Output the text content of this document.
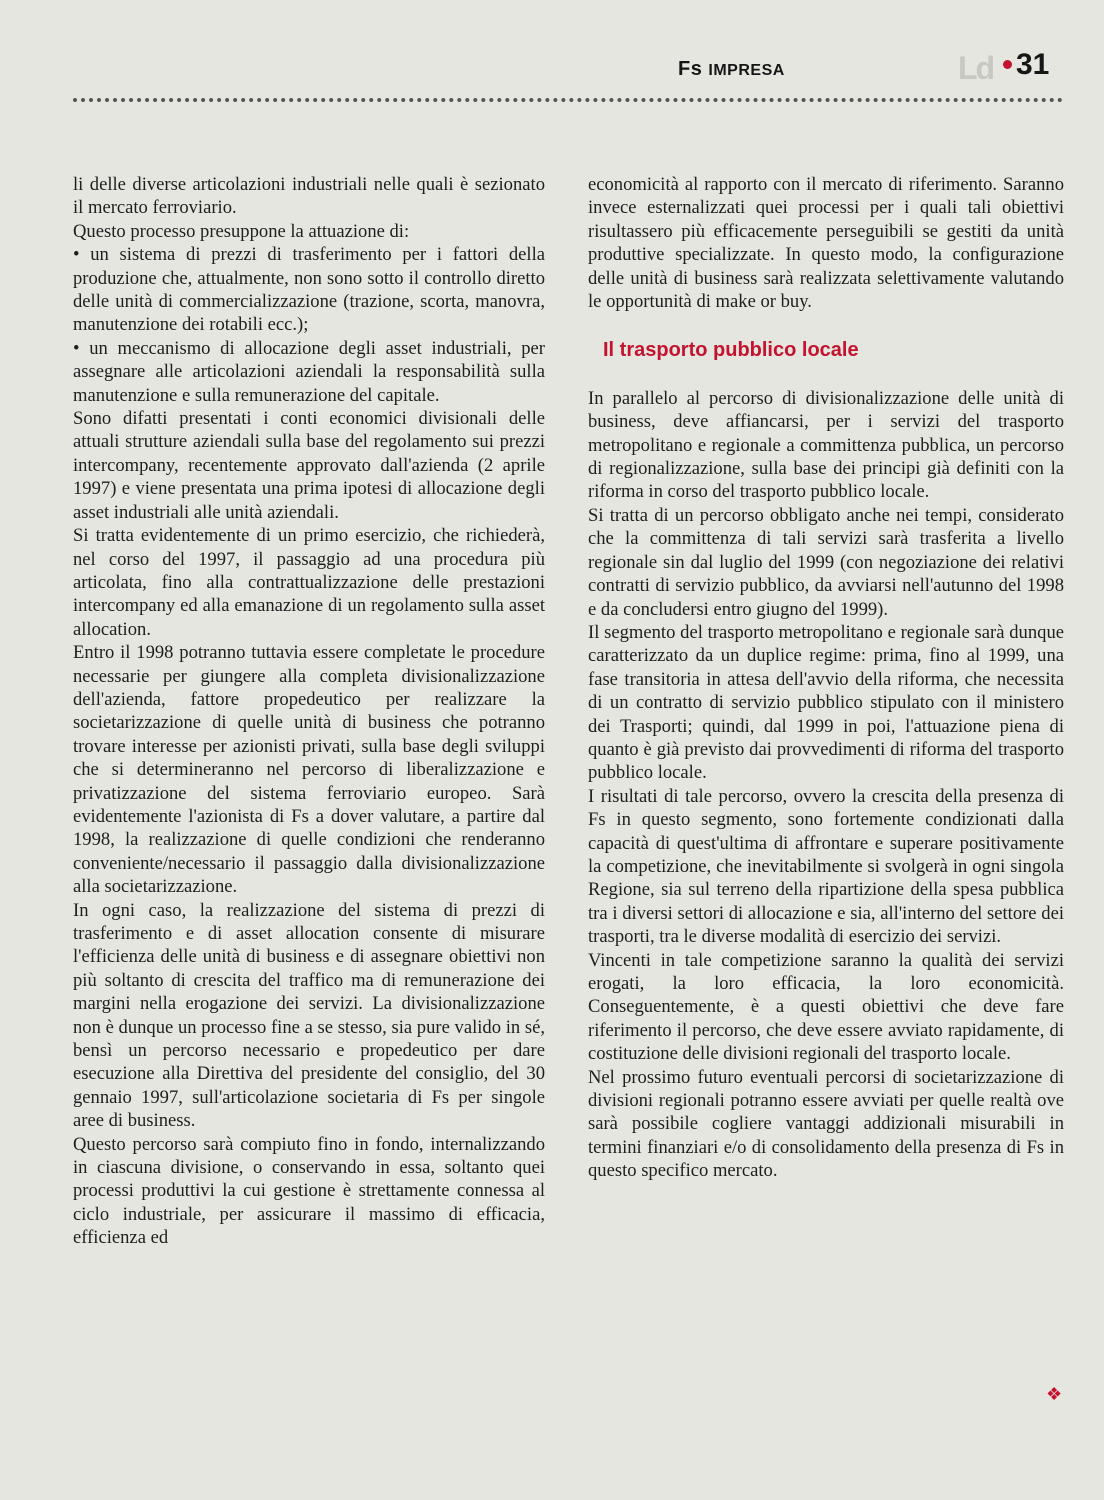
Fs IMPRESA	Ld 31

li delle diverse articolazioni industriali nelle quali è sezionato il mercato ferroviario.

Questo processo presuppone la attuazione di:

• un sistema di prezzi di trasferimento per i fattori della produzione che, attualmente, non sono sotto il controllo diretto delle unità di commercializzazione (trazione, scorta, manovra, manutenzione dei rotabili ecc.);

• un meccanismo di allocazione degli asset industriali, per assegnare alle articolazioni aziendali la responsabilità sulla manutenzione e sulla remunerazione del capitale.

Sono difatti presentati i conti economici divisionali delle attuali strutture aziendali sulla base del regolamento sui prezzi intercompany, recentemente approvato dall'azienda (2 aprile 1997) e viene presentata una prima ipotesi di allocazione degli asset industriali alle unità aziendali.

Si tratta evidentemente di un primo esercizio, che richiederà, nel corso del 1997, il passaggio ad una procedura più articolata, fino alla contrattualizzazione delle prestazioni intercompany ed alla emanazione di un regolamento sulla asset allocation.

Entro il 1998 potranno tuttavia essere completate le procedure necessarie per giungere alla completa divisionalizzazione dell'azienda, fattore propedeutico per realizzare la societarizzazione di quelle unità di business che potranno trovare interesse per azionisti privati, sulla base degli sviluppi che si determineranno nel percorso di liberalizzazione e privatizzazione del sistema ferroviario europeo. Sarà evidentemente l'azionista di Fs a dover valutare, a partire dal 1998, la realizzazione di quelle condizioni che renderanno conveniente/necessario il passaggio dalla divisionalizzazione alla societarizzazione.

In ogni caso, la realizzazione del sistema di prezzi di trasferimento e di asset allocation consente di misurare l'efficienza delle unità di business e di assegnare obiettivi non più soltanto di crescita del traffico ma di remunerazione dei margini nella erogazione dei servizi. La divisionalizzazione non è dunque un processo fine a se stesso, sia pure valido in sé, bensì un percorso necessario e propedeutico per dare esecuzione alla Direttiva del presidente del consiglio, del 30 gennaio 1997, sull'articolazione societaria di Fs per singole aree di business.

Questo percorso sarà compiuto fino in fondo, internalizzando in ciascuna divisione, o conservando in essa, soltanto quei processi produttivi la cui gestione è strettamente connessa al ciclo industriale, per assicurare il massimo di efficacia, efficienza ed

economicità al rapporto con il mercato di riferimento. Saranno invece esternalizzati quei processi per i quali tali obiettivi risultassero più efficacemente perseguibili se gestiti da unità produttive specializzate. In questo modo, la configurazione delle unità di business sarà realizzata selettivamente valutando le opportunità di make or buy.

Il trasporto pubblico locale

In parallelo al percorso di divisionalizzazione delle unità di business, deve affiancarsi, per i servizi del trasporto metropolitano e regionale a committenza pubblica, un percorso di regionalizzazione, sulla base dei principi già definiti con la riforma in corso del trasporto pubblico locale.

Si tratta di un percorso obbligato anche nei tempi, considerato che la committenza di tali servizi sarà trasferita a livello regionale sin dal luglio del 1999 (con negoziazione dei relativi contratti di servizio pubblico, da avviarsi nell'autunno del 1998 e da concludersi entro giugno del 1999).

Il segmento del trasporto metropolitano e regionale sarà dunque caratterizzato da un duplice regime: prima, fino al 1999, una fase transitoria in attesa dell'avvio della riforma, che necessita di un contratto di servizio pubblico stipulato con il ministero dei Trasporti; quindi, dal 1999 in poi, l'attuazione piena di quanto è già previsto dai provvedimenti di riforma del trasporto pubblico locale.

I risultati di tale percorso, ovvero la crescita della presenza di Fs in questo segmento, sono fortemente condizionati dalla capacità di quest'ultima di affrontare e superare positivamente la competizione, che inevitabilmente si svolgerà in ogni singola Regione, sia sul terreno della ripartizione della spesa pubblica tra i diversi settori di allocazione e sia, all'interno del settore dei trasporti, tra le diverse modalità di esercizio dei servizi.

Vincenti in tale competizione saranno la qualità dei servizi erogati, la loro efficacia, la loro economicità. Conseguentemente, è a questi obiettivi che deve fare riferimento il percorso, che deve essere avviato rapidamente, di costituzione delle divisioni regionali del trasporto locale.

Nel prossimo futuro eventuali percorsi di societarizzazione di divisioni regionali potranno essere avviati per quelle realtà ove sarà possibile cogliere vantaggi addizionali misurabili in termini finanziari e/o di consolidamento della presenza di Fs in questo specifico mercato.

❖
